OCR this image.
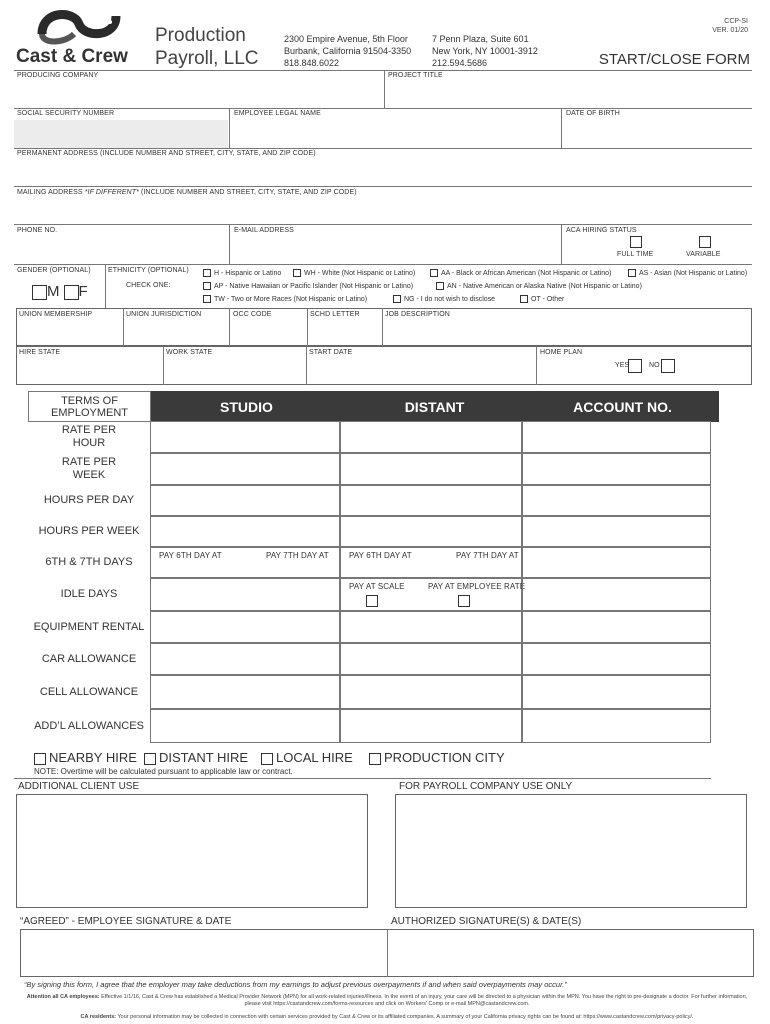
Cast & Crew
Production
Payroll, LLC
2300 Empire Avenue, 5th Floor
Burbank, California 91504-3350
818.848.6022
7 Penn Plaza, Suite 601
New York, NY 10001-3912
212.594.5686
CCP-SI
VER. 01/20
START/CLOSE FORM
PRODUCING COMPANY	PROJECT TITLE
SOCIAL SECURITY NUMBER	EMPLOYEE LEGAL NAME	DATE OF BIRTH
PERMANENT ADDRESS (INCLUDE NUMBER AND STREET, CITY, STATE, AND ZIP CODE)
MAILING ADDRESS *IF DIFFERENT* (INCLUDE NUMBER AND STREET, CITY, STATE, AND ZIP CODE)
PHONE NO.	E-MAIL ADDRESS	ACA HIRING STATUS
FULL TIME	VARIABLE
GENDER (OPTIONAL)
M F
ETHNICITY (OPTIONAL)
CHECK ONE:
H - Hispanic or Latino	WH - White (Not Hispanic or Latino)	AA - Black or African American (Not Hispanic or Latino)	AS - Asian (Not Hispanic or Latino)
AP - Native Hawaiian or Pacific Islander (Not Hispanic or Latino)	AN - Native American or Alaska Native (Not Hispanic or Latino)
TW - Two or More Races (Not Hispanic or Latino)	NG - I do not wish to disclose	OT - Other
UNION MEMBERSHIP	UNION JURISDICTION	OCC CODE	SCHD LETTER	JOB DESCRIPTION
HIRE STATE	WORK STATE	START DATE	HOME PLAN
YES	NO
TERMS OF
EMPLOYMENT	STUDIO	DISTANT	ACCOUNT NO.
RATE PER
HOUR
RATE PER
WEEK
HOURS PER DAY
HOURS PER WEEK
6TH & 7TH DAYS
PAY 6TH DAY AT	PAY 7TH DAY AT	PAY 6TH DAY AT	PAY 7TH DAY AT
IDLE DAYS
PAY AT SCALE	PAY AT EMPLOYEE RATE
EQUIPMENT RENTAL
CAR ALLOWANCE
CELL ALLOWANCE
ADD’L ALLOWANCES
NEARBY HIRE	DISTANT HIRE	LOCAL HIRE	PRODUCTION CITY
NOTE: Overtime will be calculated pursuant to applicable law or contract.
ADDITIONAL CLIENT USE	FOR PAYROLL COMPANY USE ONLY
“AGREED” - EMPLOYEE SIGNATURE & DATE	AUTHORIZED SIGNATURE(S) & DATE(S)
“By signing this form, I agree that the employer may take deductions from my earnings to adjust previous overpayments if and when said overpayments may occur.”
Attention all CA employees: Effective 1/1/16, Cast & Crew has established a Medical Provider Network (MPN) for all work-related injuries/illness. In the event of an injury, your care will be directed to a physician within the MPN. You have the right to pre-designate a doctor. For further information, please visit https://castandcrew.com/forms-resources and click on Workers' Comp or e-mail MPN@castandcrew.com.
CA residents: Your personal information may be collected in connection with certain services provided by Cast & Crew or its affiliated companies. A summary of your California privacy rights can be found at: https://www.castandcrew.com/privacy-policy/.
